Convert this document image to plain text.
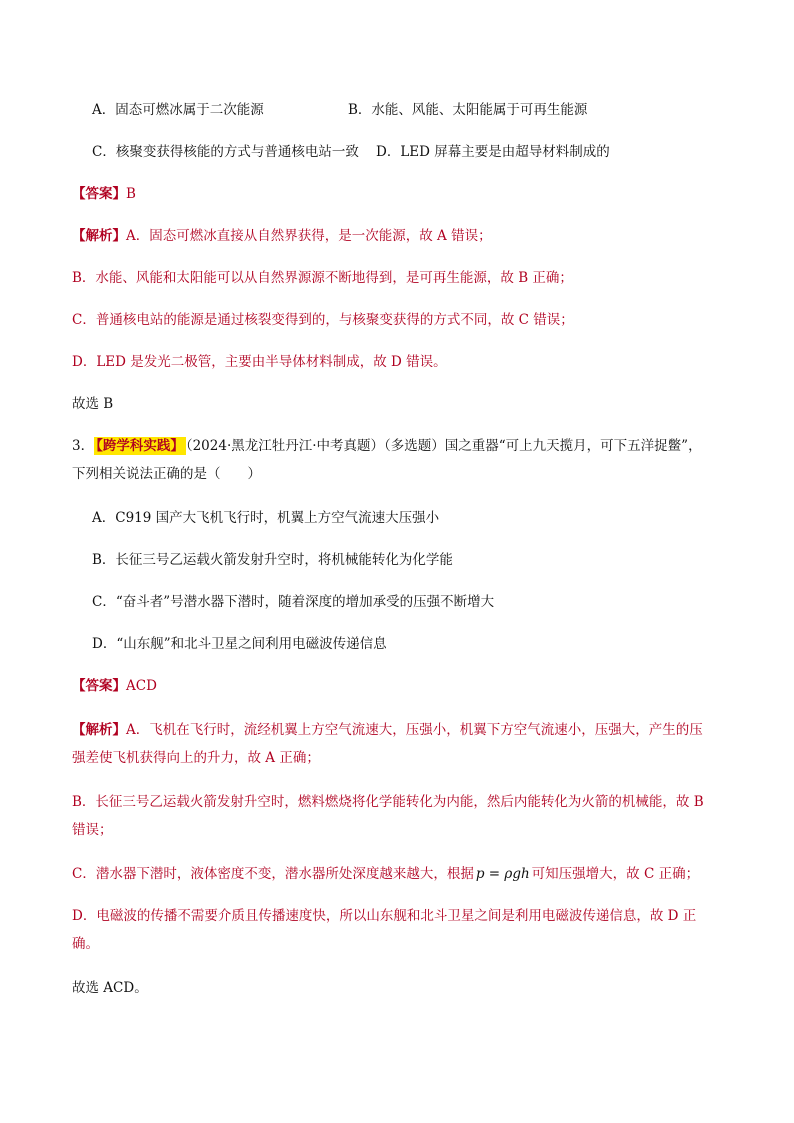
A．固态可燃冰属于二次能源	B．水能、风能、太阳能属于可再生能源
C．核聚变获得核能的方式与普通核电站一致 D．LED 屏幕主要是由超导材料制成的
【答案】B
【解析】A．固态可燃冰直接从自然界获得，是一次能源，故 A 错误；
B．水能、风能和太阳能可以从自然界源源不断地得到，是可再生能源，故 B 正确；
C．普通核电站的能源是通过核裂变得到的，与核聚变获得的方式不同，故 C 错误；
D．LED 是发光二极管，主要由半导体材料制成，故 D 错误。
故选 B
3． 【跨学科实践】 （2024·黑龙江牡丹江·中考真题）（多选题）国之重器“可上九天揽月，可下五洋捉鳖”，
下列相关说法正确的是（　　）
A．C919 国产大飞机飞行时，机翼上方空气流速大压强小
B．长征三号乙运载火箭发射升空时，将机械能转化为化学能
C．“奋斗者”号潜水器下潜时，随着深度的增加承受的压强不断增大
D．“山东舰”和北斗卫星之间利用电磁波传递信息
【答案】ACD
【解析】A．飞机在飞行时，流经机翼上方空气流速大，压强小，机翼下方空气流速小，压强大，产生的压
强差使飞机获得向上的升力，故 A 正确；
B．长征三号乙运载火箭发射升空时，燃料燃烧将化学能转化为内能，然后内能转化为火箭的机械能，故 B
错误；
C．潜水器下潜时，液体密度不变，潜水器所处深度越来越大，根据 p = ρgh 可知压强增大，故 C 正确；
D．电磁波的传播不需要介质且传播速度快，所以山东舰和北斗卫星之间是利用电磁波传递信息，故 D 正
确。
故选 ACD。
